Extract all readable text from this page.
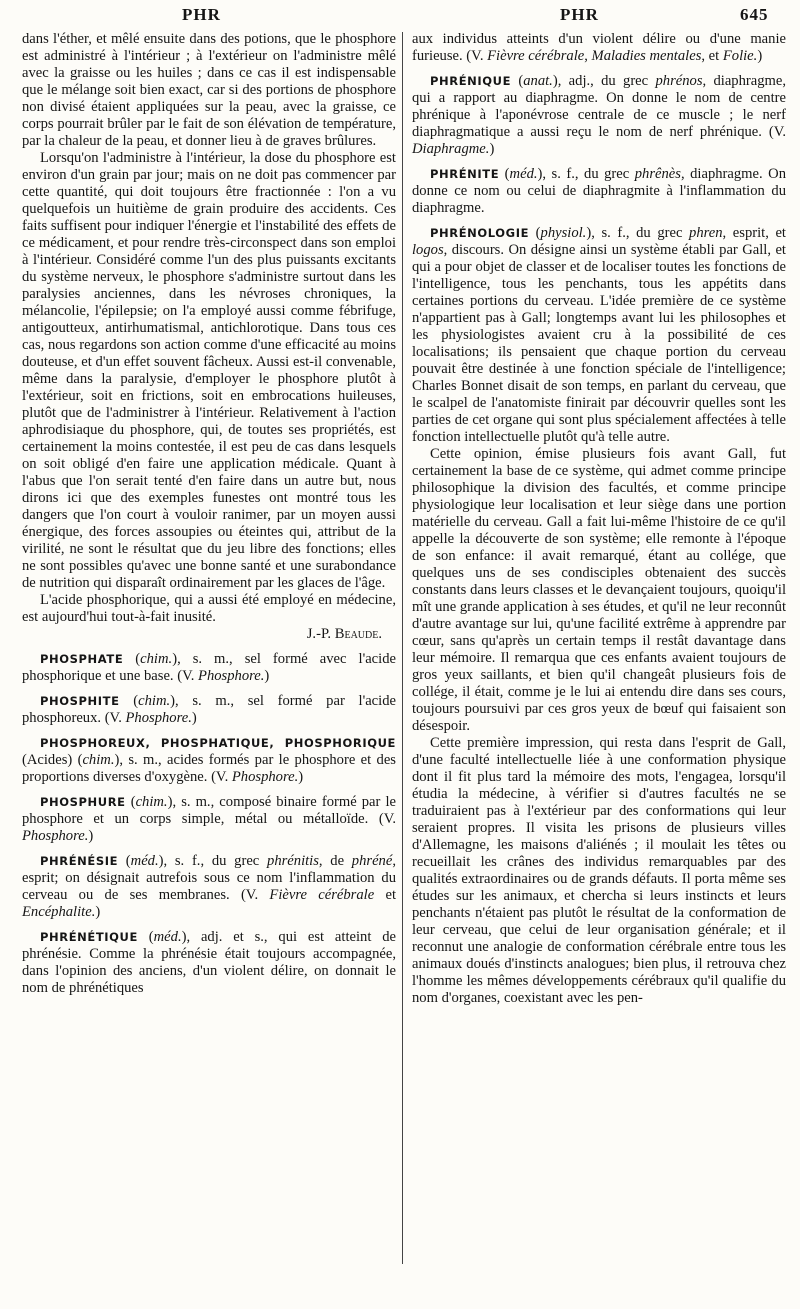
PHR	PHR	645

dans l'éther, et mêlé ensuite dans des potions, que le phosphore est administré à l'intérieur ; à l'extérieur on l'administre mêlé avec la graisse ou les huiles ; dans ce cas il est indispensable que le mélange soit bien exact, car si des portions de phosphore non divisé étaient appliquées sur la peau, avec la graisse, ce corps pourrait brûler par le fait de son élévation de température, par la chaleur de la peau, et donner lieu à de graves brûlures.

Lorsqu'on l'administre à l'intérieur, la dose du phosphore est environ d'un grain par jour; mais on ne doit pas commencer par cette quantité, qui doit toujours être fractionnée : l'on a vu quelquefois un huitième de grain produire des accidents. Ces faits suffisent pour indiquer l'énergie et l'instabilité des effets de ce médicament, et pour rendre très-circonspect dans son emploi à l'intérieur. Considéré comme l'un des plus puissants excitants du système nerveux, le phosphore s'administre surtout dans les paralysies anciennes, dans les névroses chroniques, la mélancolie, l'épilepsie; on l'a employé aussi comme fébrifuge, antigoutteux, antirhumatismal, antichlorotique. Dans tous ces cas, nous regardons son action comme d'une efficacité au moins douteuse, et d'un effet souvent fâcheux. Aussi est-il convenable, même dans la paralysie, d'employer le phosphore plutôt à l'extérieur, soit en frictions, soit en embrocations huileuses, plutôt que de l'administrer à l'intérieur. Relativement à l'action aphrodisiaque du phosphore, qui, de toutes ses propriétés, est certainement la moins contestée, il est peu de cas dans lesquels on soit obligé d'en faire une application médicale. Quant à l'abus que l'on serait tenté d'en faire dans un autre but, nous dirons ici que des exemples funestes ont montré tous les dangers que l'on court à vouloir ranimer, par un moyen aussi énergique, des forces assoupies ou éteintes qui, attribut de la virilité, ne sont le résultat que du jeu libre des fonctions; elles ne sont possibles qu'avec une bonne santé et une surabondance de nutrition qui disparaît ordinairement par les glaces de l'âge.

L'acide phosphorique, qui a aussi été employé en médecine, est aujourd'hui tout-à-fait inusité.

J.-P. Beaude.

PHOSPHATE (chim.), s. m., sel formé avec l'acide phosphorique et une base. (V. Phosphore.)

PHOSPHITE (chim.), s. m., sel formé par l'acide phosphoreux. (V. Phosphore.)

PHOSPHOREUX, PHOSPHATIQUE, PHOSPHORIQUE (Acides) (chim.), s. m., acides formés par le phosphore et des proportions diverses d'oxygène. (V. Phosphore.)

PHOSPHURE (chim.), s. m., composé binaire formé par le phosphore et un corps simple, métal ou métalloïde. (V. Phosphore.)

PHRÉNÉSIE (méd.), s. f., du grec phrénitis, de phréné, esprit; on désignait autrefois sous ce nom l'inflammation du cerveau ou de ses membranes. (V. Fièvre cérébrale et Encéphalite.)

PHRÉNÉTIQUE (méd.), adj. et s., qui est atteint de phrénésie. Comme la phrénésie était toujours accompagnée, dans l'opinion des anciens, d'un violent délire, on donnait le nom de phrénétiques

aux individus atteints d'un violent délire ou d'une manie furieuse. (V. Fièvre cérébrale, Maladies mentales, et Folie.)

PHRÉNIQUE (anat.), adj., du grec phrénos, diaphragme, qui a rapport au diaphragme. On donne le nom de centre phrénique à l'aponévrose centrale de ce muscle ; le nerf diaphragmatique a aussi reçu le nom de nerf phrénique. (V. Diaphragme.)

PHRÉNITE (méd.), s. f., du grec phrênès, diaphragme. On donne ce nom ou celui de diaphragmite à l'inflammation du diaphragme.

PHRÉNOLOGIE (physiol.), s. f., du grec phren, esprit, et logos, discours. On désigne ainsi un système établi par Gall, et qui a pour objet de classer et de localiser toutes les fonctions de l'intelligence, tous les penchants, tous les appétits dans certaines portions du cerveau. L'idée première de ce système n'appartient pas à Gall; longtemps avant lui les philosophes et les physiologistes avaient cru à la possibilité de ces localisations; ils pensaient que chaque portion du cerveau pouvait être destinée à une fonction spéciale de l'intelligence; Charles Bonnet disait de son temps, en parlant du cerveau, que le scalpel de l'anatomiste finirait par découvrir quelles sont les parties de cet organe qui sont plus spécialement affectées à telle fonction intellectuelle plutôt qu'à telle autre.

Cette opinion, émise plusieurs fois avant Gall, fut certainement la base de ce système, qui admet comme principe philosophique la division des facultés, et comme principe physiologique leur localisation et leur siège dans une portion matérielle du cerveau. Gall a fait lui-même l'histoire de ce qu'il appelle la découverte de son système; elle remonte à l'époque de son enfance: il avait remarqué, étant au collége, que quelques uns de ses condisciples obtenaient des succès constants dans leurs classes et le devançaient toujours, quoiqu'il mît une grande application à ses études, et qu'il ne leur reconnût d'autre avantage sur lui, qu'une facilité extrême à apprendre par cœur, sans qu'après un certain temps il restât davantage dans leur mémoire. Il remarqua que ces enfants avaient toujours de gros yeux saillants, et bien qu'il changeât plusieurs fois de collége, il était, comme je le lui ai entendu dire dans ses cours, toujours poursuivi par ces gros yeux de bœuf qui faisaient son désespoir.

Cette première impression, qui resta dans l'esprit de Gall, d'une faculté intellectuelle liée à une conformation physique dont il fit plus tard la mémoire des mots, l'engagea, lorsqu'il étudia la médecine, à vérifier si d'autres facultés ne se traduiraient pas à l'extérieur par des conformations qui leur seraient propres. Il visita les prisons de plusieurs villes d'Allemagne, les maisons d'aliénés ; il moulait les têtes ou recueillait les crânes des individus remarquables par des qualités extraordinaires ou de grands défauts. Il porta même ses études sur les animaux, et chercha si leurs instincts et leurs penchants n'étaient pas plutôt le résultat de la conformation de leur cerveau, que celui de leur organisation générale; et il reconnut une analogie de conformation cérébrale entre tous les animaux doués d'instincts analogues; bien plus, il retrouva chez l'homme les mêmes développements cérébraux qu'il qualifie du nom d'organes, coexistant avec les pen-
